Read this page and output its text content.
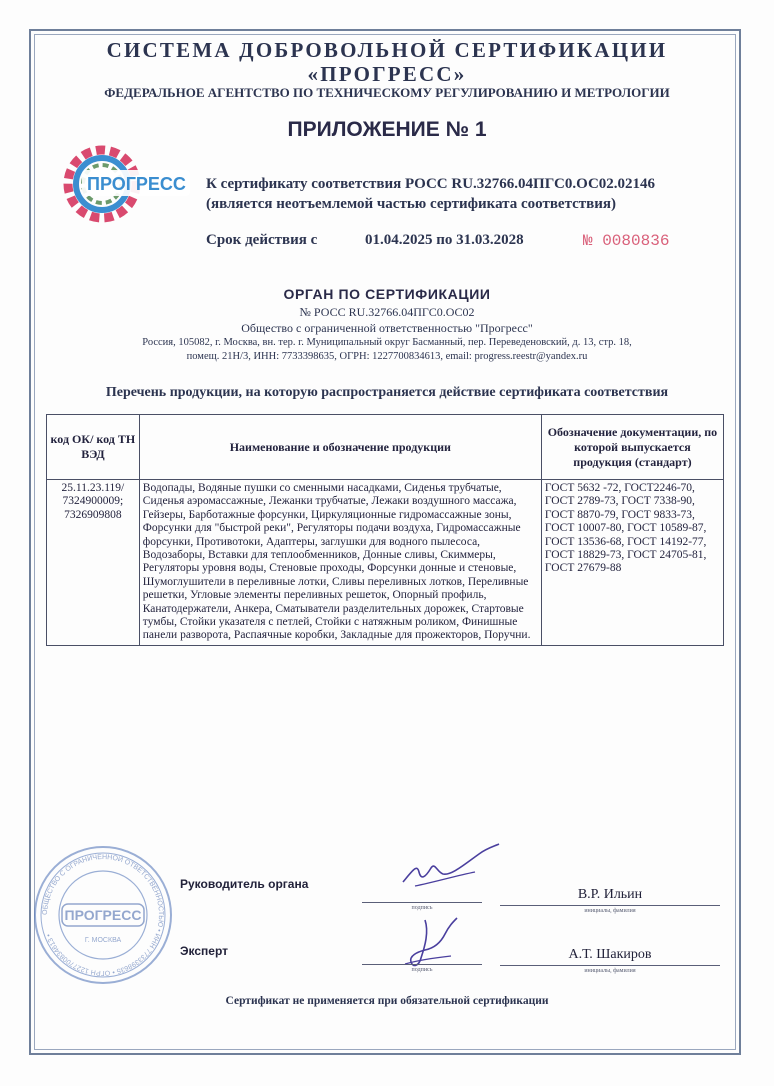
СИСТЕМА ДОБРОВОЛЬНОЙ СЕРТИФИКАЦИИ
«ПРОГРЕСС»
ФЕДЕРАЛЬНОЕ АГЕНТСТВО ПО ТЕХНИЧЕСКОМУ РЕГУЛИРОВАНИЮ И МЕТРОЛОГИИ
ПРИЛОЖЕНИЕ № 1
ПРОГРЕСС К сертификату соответствия РОСС RU.32766.04ПГС0.ОС02.02146
(является неотъемлемой частью сертификата соответствия)
Срок действия с	01.04.2025 по 31.03.2028	№ 0080836
ОРГАН ПО СЕРТИФИКАЦИИ
№ РОСС RU.32766.04ПГС0.ОС02
Общество с ограниченной ответственностью "Прогресс"
Россия, 105082, г. Москва, вн. тер. г. Муниципальный округ Басманный, пер. Переведеновский, д. 13, стр. 18,
помещ. 21Н/3, ИНН: 7733398635, ОГРН: 1227700834613, email: progress.reestr@yandex.ru
Перечень продукции, на которую распространяется действие сертификата соответствия
код ОК/ код ТН ВЭД	Наименование и обозначение продукции	Обозначение документации, по которой выпускается продукция (стандарт)
25.11.23.119/ 7324900009; 7326909808	Водопады, Водяные пушки со сменными насадками, Сиденья трубчатые, Сиденья аэромассажные, Лежанки трубчатые, Лежаки воздушного массажа, Гейзеры, Барботажные форсунки, Циркуляционные гидромассажные зоны, Форсунки для "быстрой реки", Регуляторы подачи воздуха, Гидромассажные форсунки, Противотоки, Адаптеры, заглушки для водного пылесоса, Водозаборы, Вставки для теплообменников, Донные сливы, Скиммеры, Регуляторы уровня воды, Стеновые проходы, Форсунки донные и стеновые, Шумоглушители в переливные лотки, Сливы переливных лотков, Переливные решетки, Угловые элементы переливных решеток, Опорный профиль, Канатодержатели, Анкера, Сматыватели разделительных дорожек, Стартовые тумбы, Стойки указателя с петлей, Стойки с натяжным роликом, Финишные панели разворота, Распаячные коробки, Закладные для прожекторов, Поручни.	ГОСТ 5632 -72, ГОСТ2246-70, ГОСТ 2789-73, ГОСТ 7338-90, ГОСТ 8870-79, ГОСТ 9833-73, ГОСТ 10007-80, ГОСТ 10589-87, ГОСТ 13536-68, ГОСТ 14192-77, ГОСТ 18829-73, ГОСТ 24705-81, ГОСТ 27679-88
ОБЩЕСТВО С ОГРАНИЧЕННОЙ ОТВЕТСТВЕННОСТЬЮ • ИНН 7733398635 • ОГРН 1227700834613 •
ПРОГРЕСС
Г. МОСКВА
Руководитель органа
подпись
В.Р. Ильин
инициалы, фамилия
Эксперт
подпись
А.Т. Шакиров
инициалы, фамилия
Сертификат не применяется при обязательной сертификации
